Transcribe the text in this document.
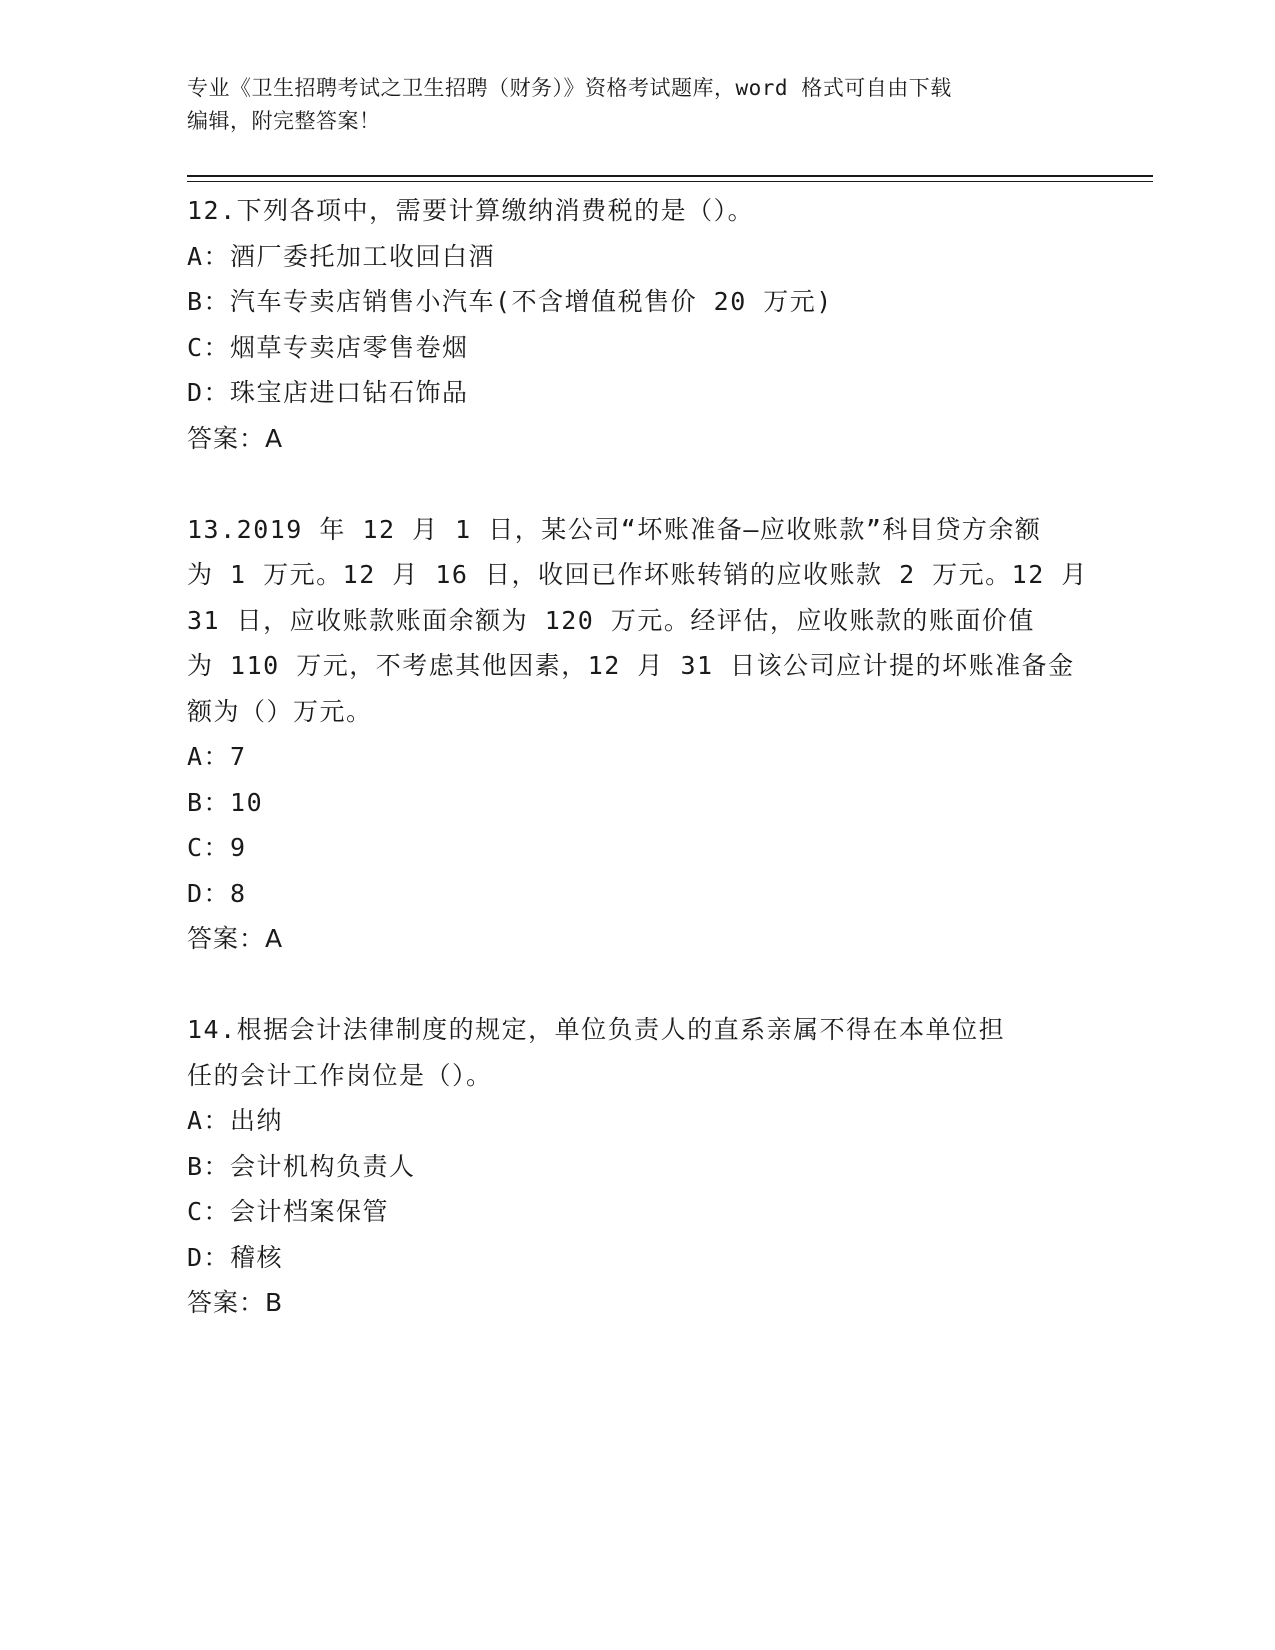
专业《卫生招聘考试之卫生招聘（财务）》资格考试题库，word 格式可自由下载
编辑，附完整答案！
12.下列各项中，需要计算缴纳消费税的是（）。
A：酒厂委托加工收回白酒
B：汽车专卖店销售小汽车(不含增值税售价 20 万元)
C：烟草专卖店零售卷烟
D：珠宝店进口钻石饰品
答案：A
13.2019 年 12 月 1 日，某公司“坏账准备—应收账款”科目贷方余额
为 1 万元。12 月 16 日，收回已作坏账转销的应收账款 2 万元。12 月
31 日，应收账款账面余额为 120 万元。经评估，应收账款的账面价值
为 110 万元，不考虑其他因素，12 月 31 日该公司应计提的坏账准备金
额为（）万元。
A：7
B：10
C：9
D：8
答案：A
14.根据会计法律制度的规定，单位负责人的直系亲属不得在本单位担
任的会计工作岗位是（）。
A：出纳
B：会计机构负责人
C：会计档案保管
D：稽核
答案：B
